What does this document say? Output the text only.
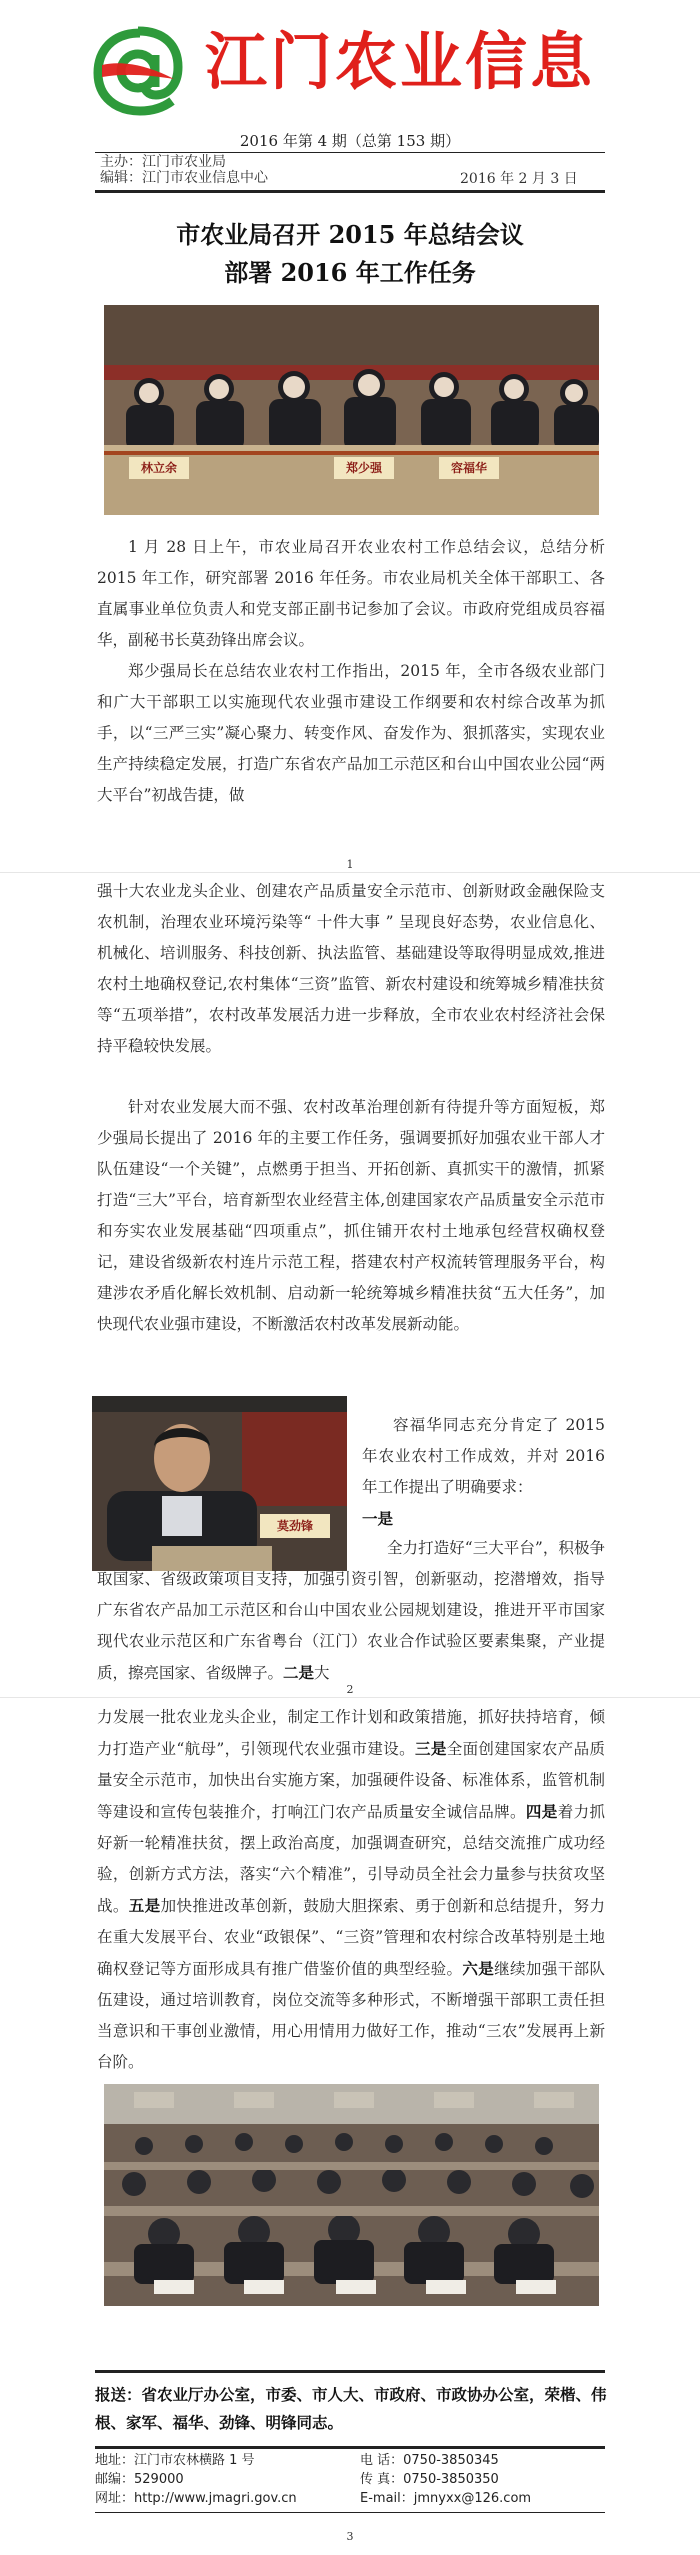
江门农业信息
2016 年第 4 期（总第 153 期）
主办：江门市农业局
编辑：江门市农业信息中心	2016 年 2 月 3 日
市农业局召开 2015 年总结会议
部署 2016 年工作任务
林立余	郑少强	容福华

1 月 28 日上午，市农业局召开农业农村工作总结会议，总结分析 2015 年工作，研究部署 2016 年任务。市农业局机关全体干部职工、各直属事业单位负责人和党支部正副书记参加了会议。市政府党组成员容福华，副秘书长莫劲锋出席会议。

郑少强局长在总结农业农村工作指出，2015 年，全市各级农业部门和广大干部职工以实施现代农业强市建设工作纲要和农村综合改革为抓手，以“三严三实”凝心聚力、转变作风、奋发作为、狠抓落实，实现农业生产持续稳定发展，打造广东省农产品加工示范区和台山中国农业公园“两大平台”初战告捷，做

1

强十大农业龙头企业、创建农产品质量安全示范市、创新财政金融保险支农机制，治理农业环境污染等“ 十件大事 ” 呈现良好态势，农业信息化、机械化、培训服务、科技创新、执法监管、基础建设等取得明显成效,推进农村土地确权登记,农村集体“三资”监管、新农村建设和统筹城乡精准扶贫等“五项举措”，农村改革发展活力进一步释放，全市农业农村经济社会保持平稳较快发展。

针对农业发展大而不强、农村改革治理创新有待提升等方面短板，郑少强局长提出了 2016 年的主要工作任务，强调要抓好加强农业干部人才队伍建设“一个关键”，点燃勇于担当、开拓创新、真抓实干的激情，抓紧打造“三大”平台，培育新型农业经营主体,创建国家农产品质量安全示范市和夯实农业发展基础“四项重点”，抓住铺开农村土地承包经营权确权登记，建设省级新农村连片示范工程，搭建农村产权流转管理服务平台，构建涉农矛盾化解长效机制、启动新一轮统筹城乡精准扶贫“五大任务”，加快现代农业强市建设，不断激活农村改革发展新动能。

莫劲锋

容福华同志充分肯定了 2015 年农业农村工作成效，并对 2016 年工作提出了明确要求：

一是

全力打造好“三大平台”，积极争取国家、省级政策项目支持，加强引资引智，创新驱动，挖潜增效，指导广东省农产品加工示范区和台山中国农业公园规划建设，推进开平市国家现代农业示范区和广东省粤台（江门）农业合作试验区要素集聚，产业提质，擦亮国家、省级牌子。二是大

2

力发展一批农业龙头企业，制定工作计划和政策措施，抓好扶持培育，倾力打造产业“航母”，引领现代农业强市建设。三是全面创建国家农产品质量安全示范市，加快出台实施方案，加强硬件设备、标准体系，监管机制等建设和宣传包装推介，打响江门农产品质量安全诚信品牌。四是着力抓好新一轮精准扶贫，摆上政治高度，加强调查研究，总结交流推广成功经验，创新方式方法，落实“六个精准”，引导动员全社会力量参与扶贫攻坚战。五是加快推进改革创新，鼓励大胆探索、勇于创新和总结提升，努力在重大发展平台、农业“政银保”、“三资”管理和农村综合改革特别是土地确权登记等方面形成具有推广借鉴价值的典型经验。六是继续加强干部队伍建设，通过培训教育，岗位交流等多种形式，不断增强干部职工责任担当意识和干事创业激情，用心用情用力做好工作，推动“三农”发展再上新台阶。

报送：省农业厅办公室，市委、市人大、市政府、市政协办公室，荣楷、伟根、家军、福华、劲锋、明锋同志。
地址：江门市农林横路 1 号	电 话：0750-3850345
邮编：529000	传 真：0750-3850350
网址：http://www.jmagri.gov.cn	E-mail：jmnyxx@126.com
3
